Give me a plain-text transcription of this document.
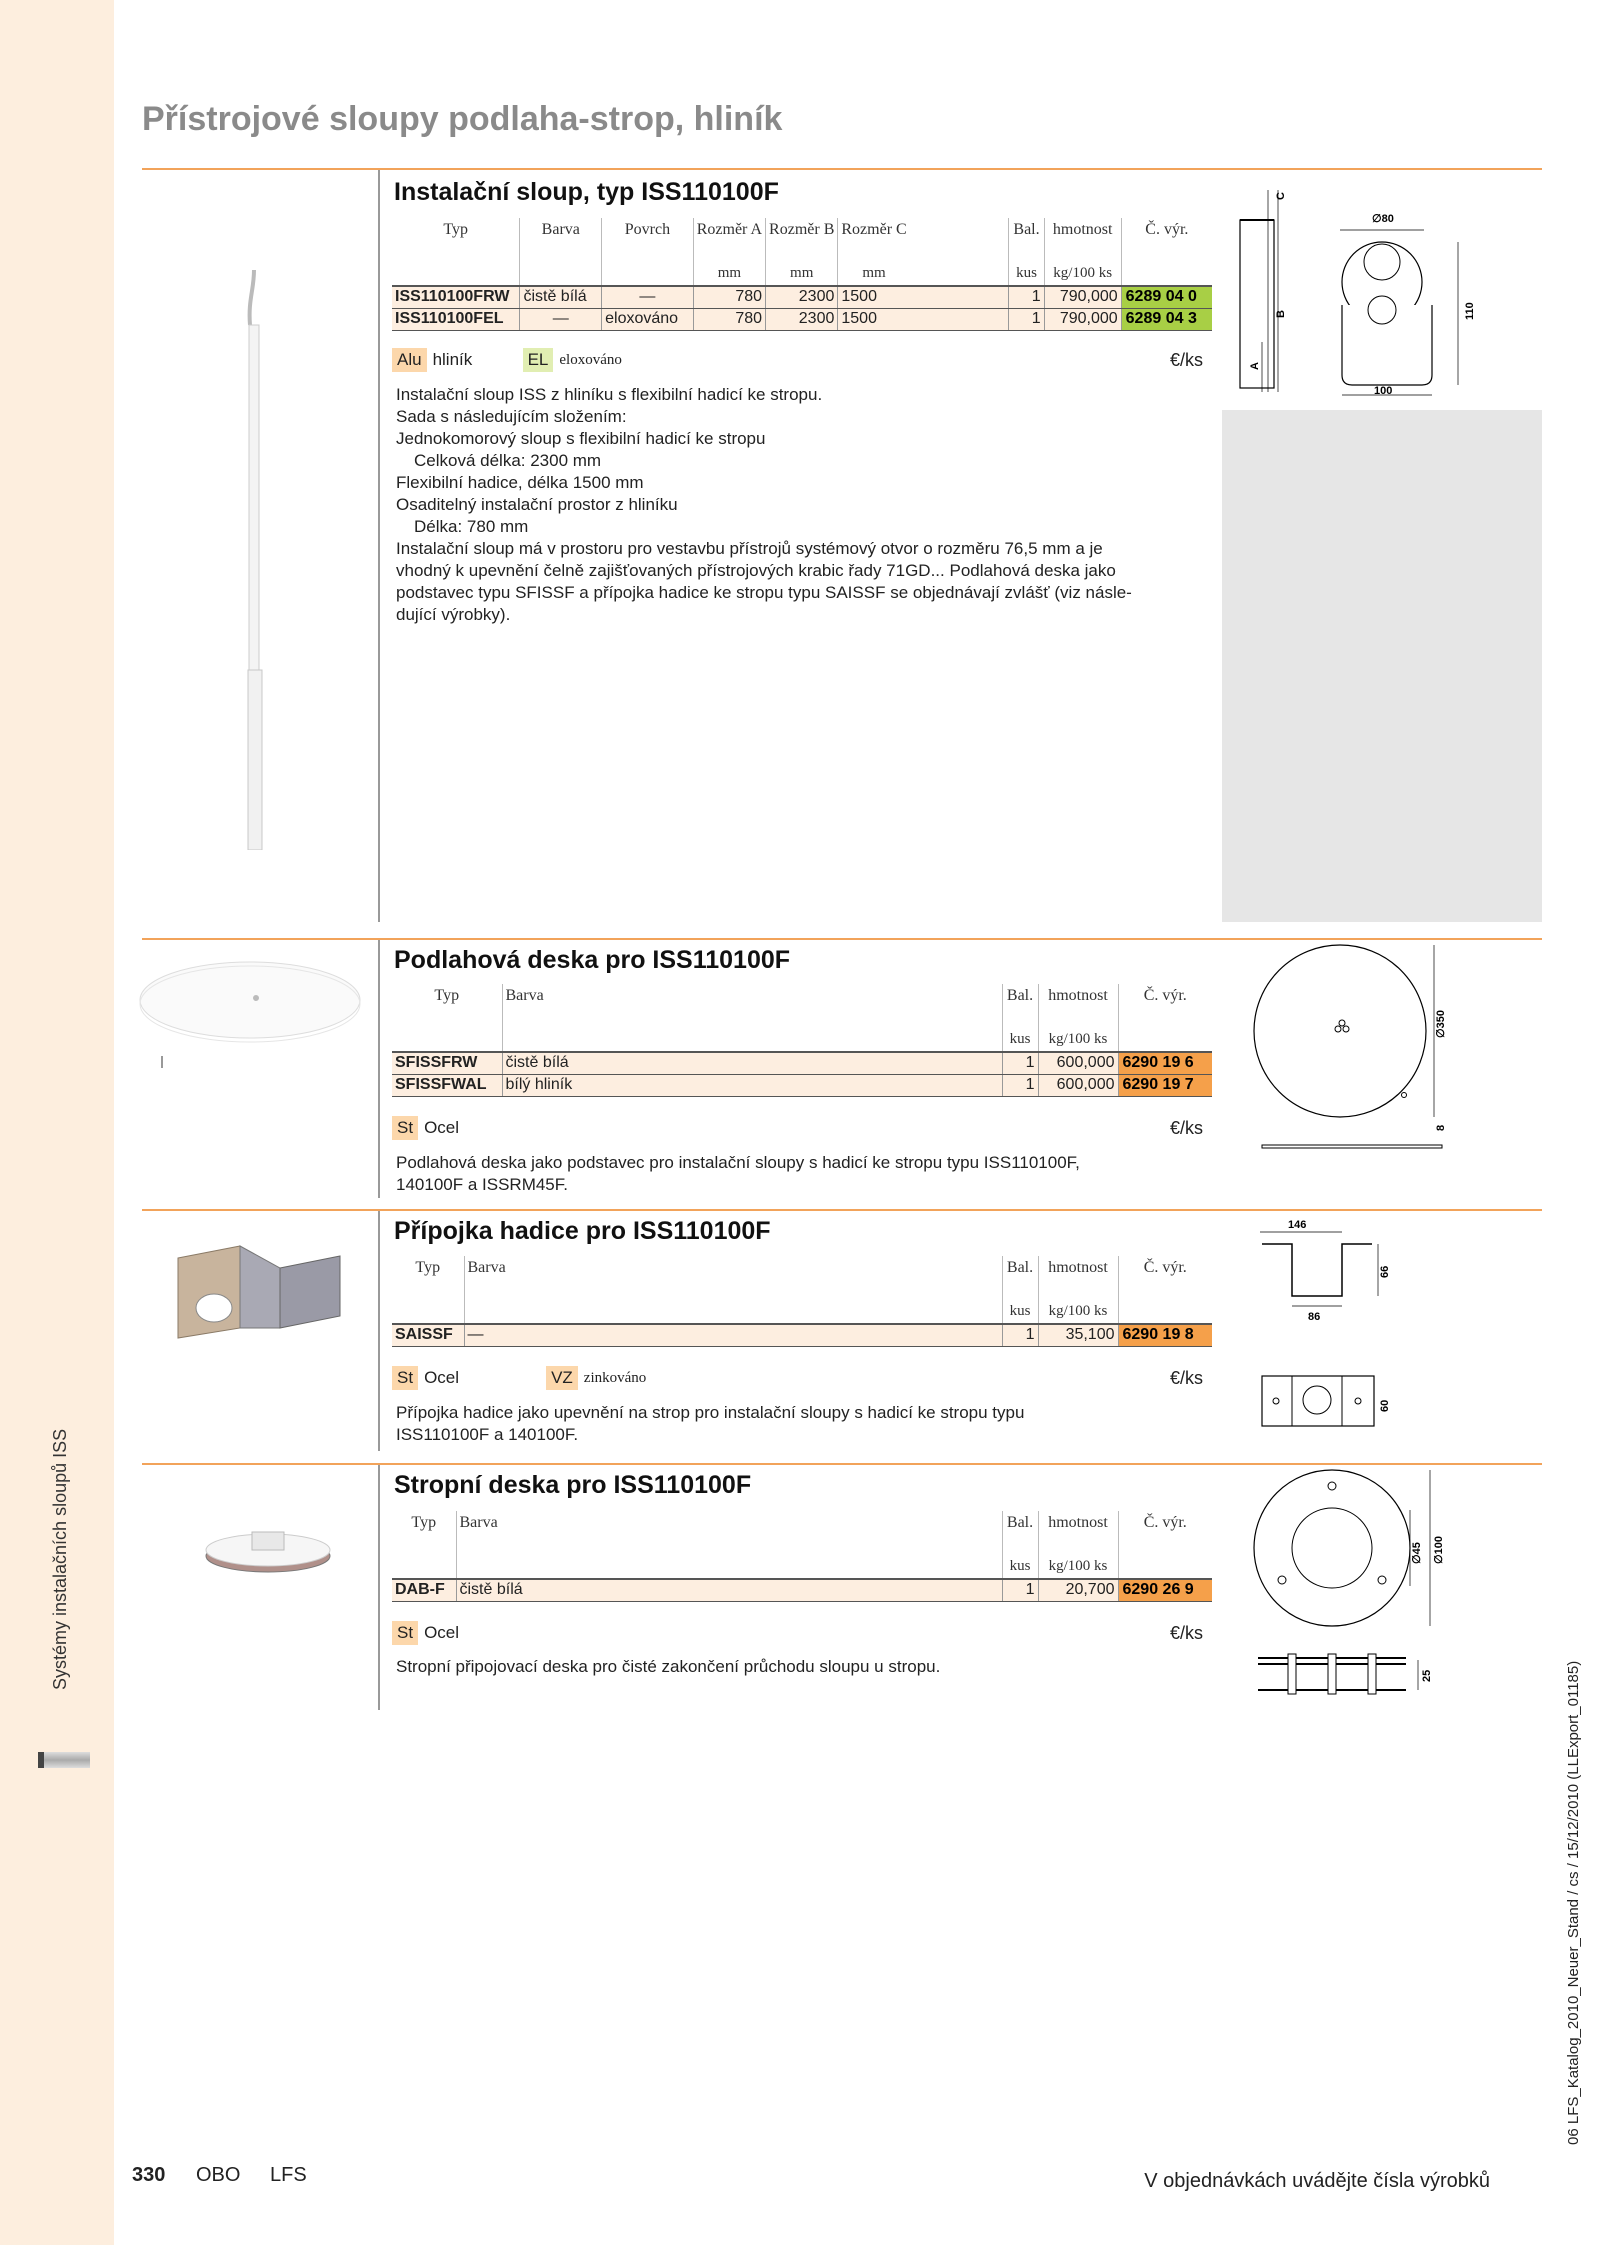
Systémy instalačních sloupů ISS
Přístrojové sloupy podlaha-strop, hliník
Instalační sloup, typ ISS110100F
Typ	Barva	Povrch	Rozměr A	Rozměr B	Rozměr C		Bal.	hmotnost	Č. výr.
			mm	mm	mm		kus	kg/100 ks	
ISS110100FRW	čistě bílá	—	780	2300	1500		1	790,000	6289 04 0
ISS110100FEL	—	eloxováno	780	2300	1500		1	790,000	6289 04 3
Alu hliník	EL eloxováno	€/ks

Instalační sloup ISS z hliníku s flexibilní hadicí ke stropu.

Sada s následujícím složením:

Jednokomorový sloup s flexibilní hadicí ke stropu

Celková délka: 2300 mm

Flexibilní hadice, délka 1500 mm

Osaditelný instalační prostor z hliníku

Délka: 780 mm

Instalační sloup má v prostoru pro vestavbu přístrojů systémový otvor o rozměru 76,5 mm a je

vhodný k upevnění čelně zajišťovaných přístrojových krabic řady 71GD... Podlahová deska jako

podstavec typu SFISSF a přípojka hadice ke stropu typu SAISSF se objednávají zvlášť (viz násle-

dující výrobky).

C
B
A
∅80
110
100
Podlahová deska pro ISS110100F
Typ	Barva		Bal.	hmotnost	Č. výr.
			kus	kg/100 ks	
SFISSFRW	čistě bílá		1	600,000	6290 19 6
SFISSFWAL	bílý hliník		1	600,000	6290 19 7
St Ocel	€/ks

Podlahová deska jako podstavec pro instalační sloupy s hadicí ke stropu typu ISS110100F,

140100F a ISSRM45F.

∅350
8
Přípojka hadice pro ISS110100F
Typ	Barva		Bal.	hmotnost	Č. výr.
			kus	kg/100 ks	
SAISSF	—		1	35,100	6290 19 8
St Ocel	VZ zinkováno	€/ks

Přípojka hadice jako upevnění na strop pro instalační sloupy s hadicí ke stropu typu

ISS110100F a 140100F.

146
66
86
60
Stropní deska pro ISS110100F
Typ	Barva		Bal.	hmotnost	Č. výr.
			kus	kg/100 ks	
DAB-F	čistě bílá		1	20,700	6290 26 9
St Ocel	€/ks

Stropní připojovací deska pro čisté zakončení průchodu sloupu u stropu.

∅45 ∅100
25
330 OBO LFS	V objednávkách uvádějte čísla výrobků
06 LFS_Katalog_2010_Neuer_Stand / cs / 15/12/2010 (LLExport_01185)
